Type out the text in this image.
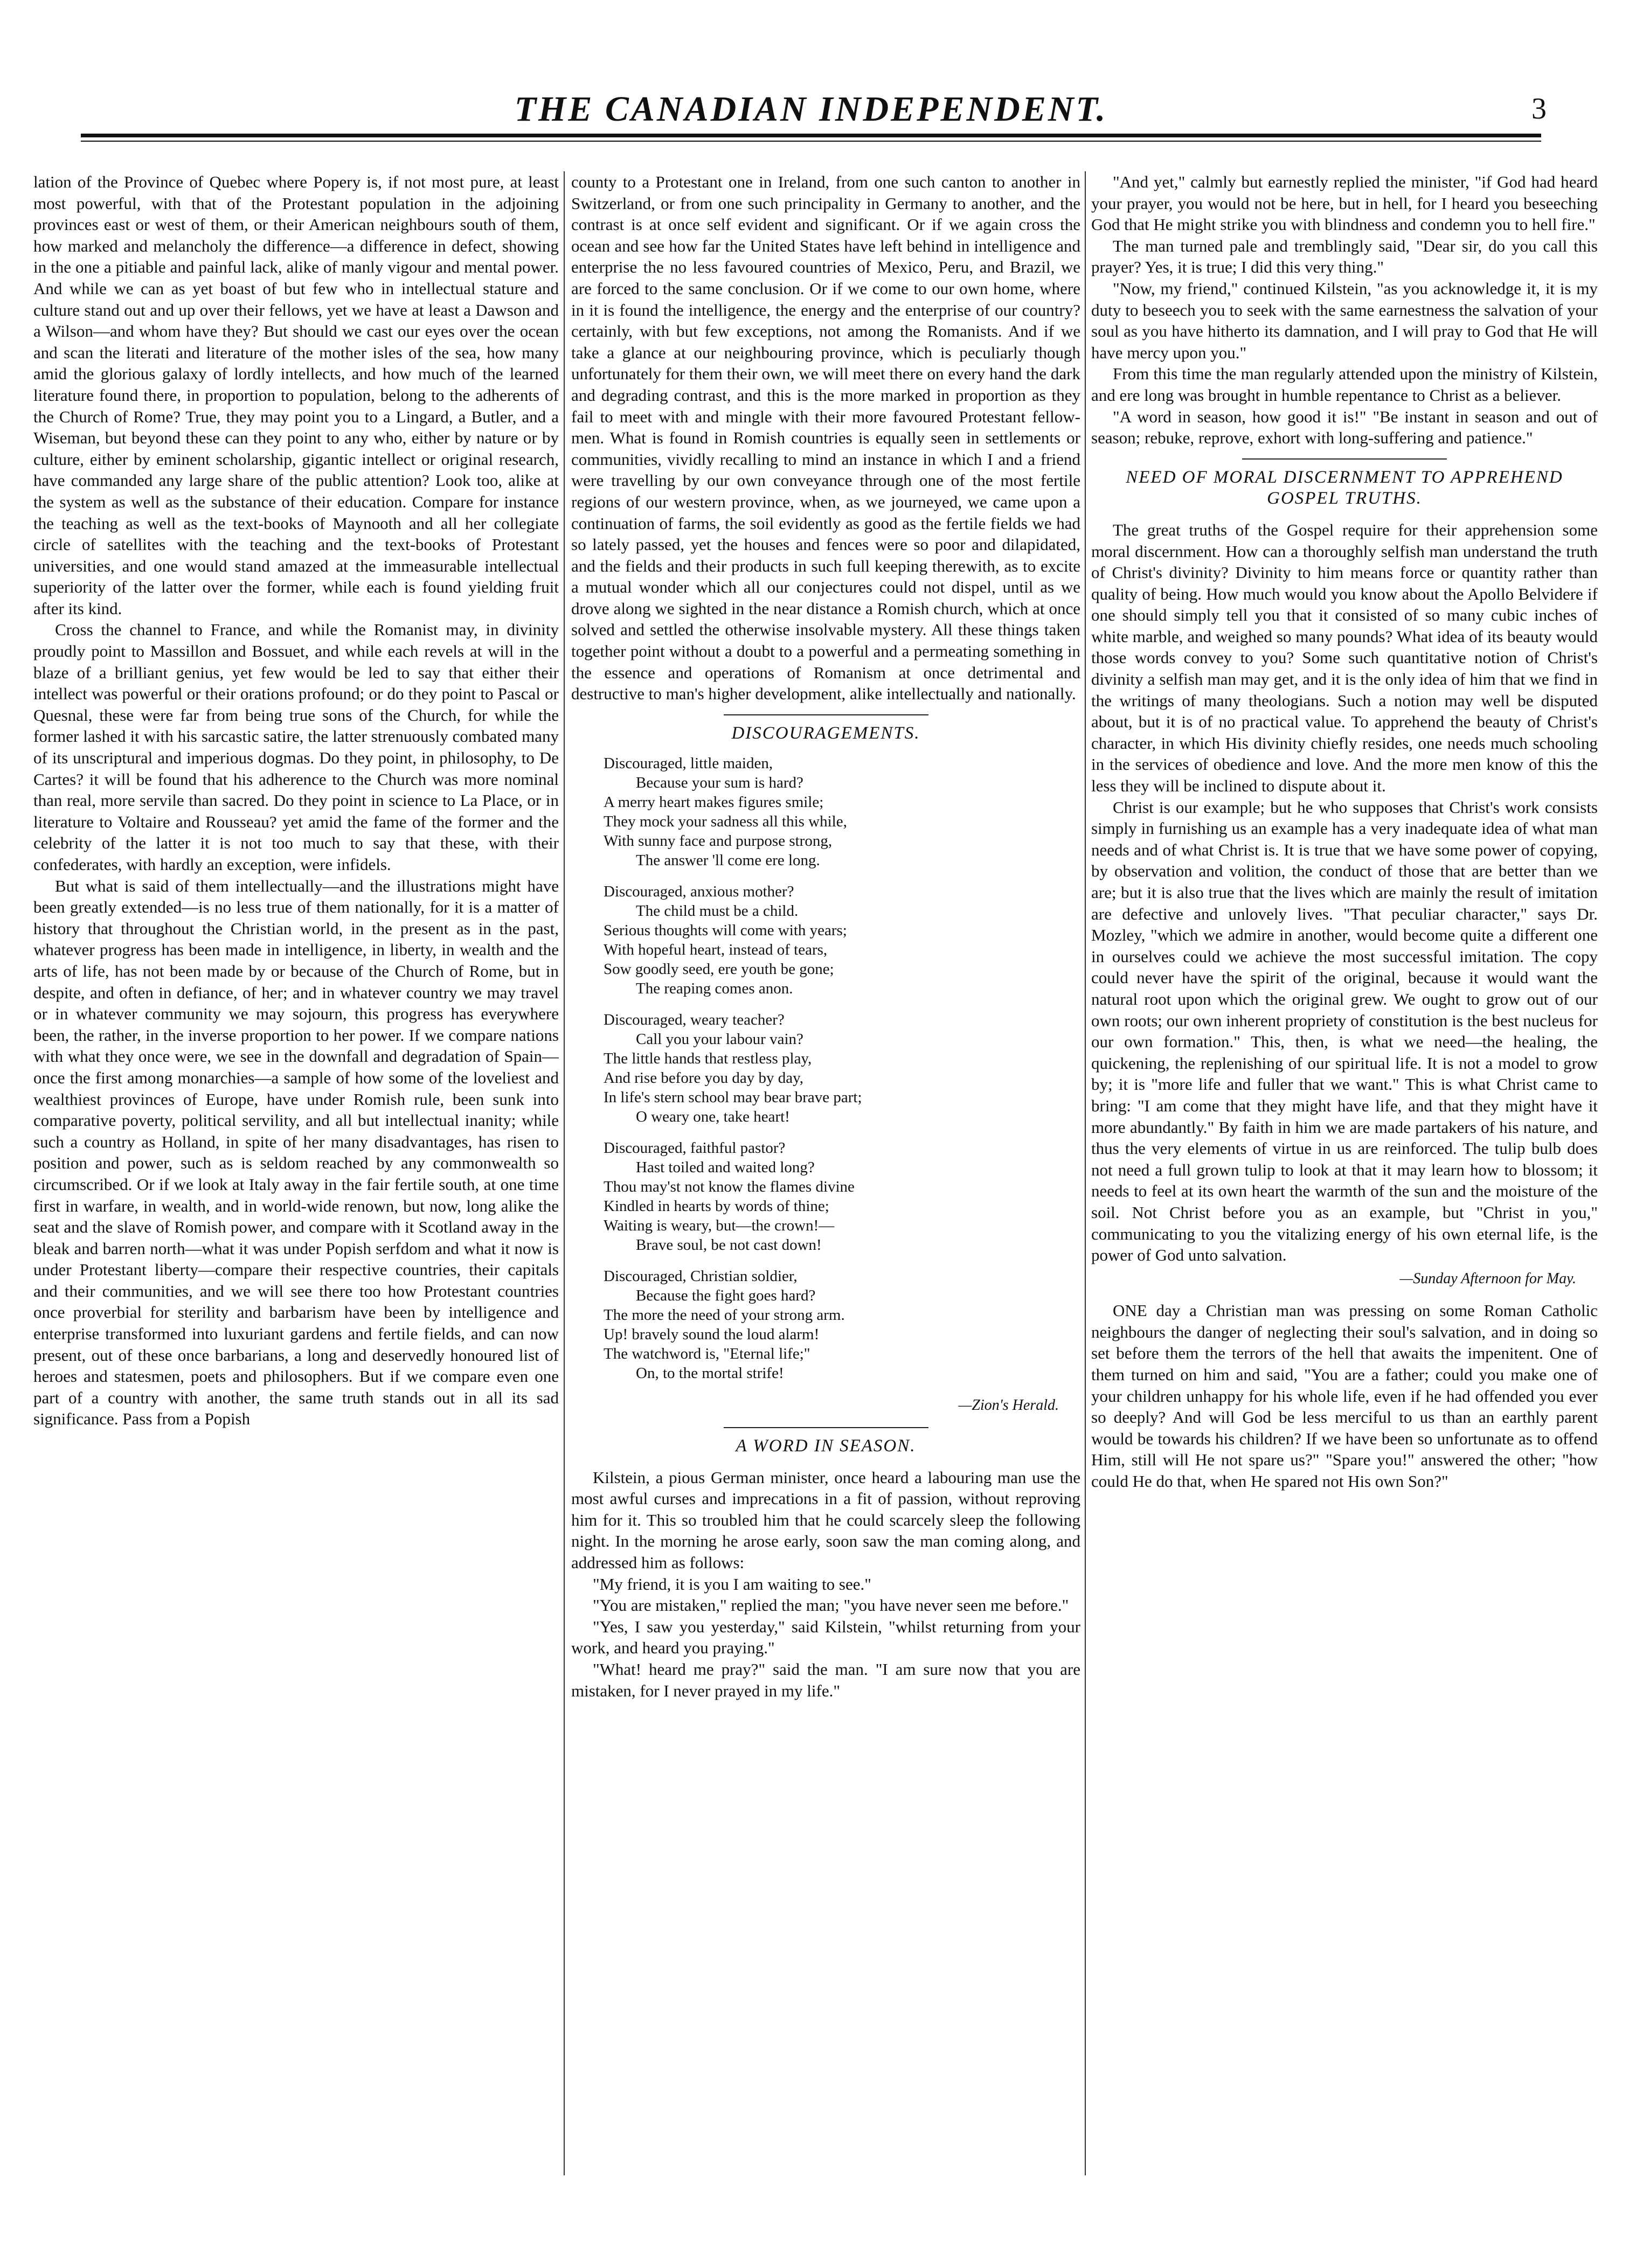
THE CANADIAN INDEPENDENT.	3

lation of the Province of Quebec where Popery is, if not most pure, at least most powerful, with that of the Protestant population in the adjoining provinces east or west of them, or their American neighbours south of them, how marked and melancholy the difference—a difference in defect, showing in the one a pitiable and painful lack, alike of manly vigour and mental power. And while we can as yet boast of but few who in intellectual stature and culture stand out and up over their fellows, yet we have at least a Dawson and a Wilson—and whom have they? But should we cast our eyes over the ocean and scan the literati and literature of the mother isles of the sea, how many amid the glorious galaxy of lordly intellects, and how much of the learned literature found there, in proportion to population, belong to the adherents of the Church of Rome? True, they may point you to a Lingard, a Butler, and a Wiseman, but beyond these can they point to any who, either by nature or by culture, either by eminent scholarship, gigantic intellect or original research, have commanded any large share of the public attention? Look too, alike at the system as well as the substance of their education. Compare for instance the teaching as well as the text-books of Maynooth and all her collegiate circle of satellites with the teaching and the text-books of Protestant universities, and one would stand amazed at the immeasurable intellectual superiority of the latter over the former, while each is found yielding fruit after its kind.

Cross the channel to France, and while the Romanist may, in divinity proudly point to Massillon and Bossuet, and while each revels at will in the blaze of a brilliant genius, yet few would be led to say that either their intellect was powerful or their orations profound; or do they point to Pascal or Quesnal, these were far from being true sons of the Church, for while the former lashed it with his sarcastic satire, the latter strenuously combated many of its unscriptural and imperious dogmas. Do they point, in philosophy, to De Cartes? it will be found that his adherence to the Church was more nominal than real, more servile than sacred. Do they point in science to La Place, or in literature to Voltaire and Rousseau? yet amid the fame of the former and the celebrity of the latter it is not too much to say that these, with their confederates, with hardly an exception, were infidels.

But what is said of them intellectually—and the illustrations might have been greatly extended—is no less true of them nationally, for it is a matter of history that throughout the Christian world, in the present as in the past, whatever progress has been made in intelligence, in liberty, in wealth and the arts of life, has not been made by or because of the Church of Rome, but in despite, and often in defiance, of her; and in whatever country we may travel or in whatever community we may sojourn, this progress has everywhere been, the rather, in the inverse proportion to her power. If we compare nations with what they once were, we see in the downfall and degradation of Spain—once the first among monarchies—a sample of how some of the loveliest and wealthiest provinces of Europe, have under Romish rule, been sunk into comparative poverty, political servility, and all but intellectual inanity; while such a country as Holland, in spite of her many disadvantages, has risen to position and power, such as is seldom reached by any commonwealth so circumscribed. Or if we look at Italy away in the fair fertile south, at one time first in warfare, in wealth, and in world-wide renown, but now, long alike the seat and the slave of Romish power, and compare with it Scotland away in the bleak and barren north—what it was under Popish serfdom and what it now is under Protestant liberty—compare their respective countries, their capitals and their communities, and we will see there too how Protestant countries once proverbial for sterility and barbarism have been by intelligence and enterprise transformed into luxuriant gardens and fertile fields, and can now present, out of these once barbarians, a long and deservedly honoured list of heroes and statesmen, poets and philosophers. But if we compare even one part of a country with another, the same truth stands out in all its sad significance. Pass from a Popish

county to a Protestant one in Ireland, from one such canton to another in Switzerland, or from one such principality in Germany to another, and the contrast is at once self evident and significant. Or if we again cross the ocean and see how far the United States have left behind in intelligence and enterprise the no less favoured countries of Mexico, Peru, and Brazil, we are forced to the same conclusion. Or if we come to our own home, where in it is found the intelligence, the energy and the enterprise of our country? certainly, with but few exceptions, not among the Romanists. And if we take a glance at our neighbouring province, which is peculiarly though unfortunately for them their own, we will meet there on every hand the dark and degrading contrast, and this is the more marked in proportion as they fail to meet with and mingle with their more favoured Protestant fellow-men. What is found in Romish countries is equally seen in settlements or communities, vividly recalling to mind an instance in which I and a friend were travelling by our own conveyance through one of the most fertile regions of our western province, when, as we journeyed, we came upon a continuation of farms, the soil evidently as good as the fertile fields we had so lately passed, yet the houses and fences were so poor and dilapidated, and the fields and their products in such full keeping therewith, as to excite a mutual wonder which all our conjectures could not dispel, until as we drove along we sighted in the near distance a Romish church, which at once solved and settled the otherwise insolvable mystery. All these things taken together point without a doubt to a powerful and a permeating something in the essence and operations of Romanism at once detrimental and destructive to man's higher development, alike intellectually and nationally.

DISCOURAGEMENTS.
Discouraged, little maiden,
Because your sum is hard?
A merry heart makes figures smile;
They mock your sadness all this while,
With sunny face and purpose strong,
The answer 'll come ere long.
Discouraged, anxious mother?
The child must be a child.
Serious thoughts will come with years;
With hopeful heart, instead of tears,
Sow goodly seed, ere youth be gone;
The reaping comes anon.
Discouraged, weary teacher?
Call you your labour vain?
The little hands that restless play,
And rise before you day by day,
In life's stern school may bear brave part;
O weary one, take heart!
Discouraged, faithful pastor?
Hast toiled and waited long?
Thou may'st not know the flames divine
Kindled in hearts by words of thine;
Waiting is weary, but—the crown!—
Brave soul, be not cast down!
Discouraged, Christian soldier,
Because the fight goes hard?
The more the need of your strong arm.
Up! bravely sound the loud alarm!
The watchword is, "Eternal life;"
On, to the mortal strife!
—Zion's Herald.
A WORD IN SEASON.

Kilstein, a pious German minister, once heard a labouring man use the most awful curses and imprecations in a fit of passion, without reproving him for it. This so troubled him that he could scarcely sleep the following night. In the morning he arose early, soon saw the man coming along, and addressed him as follows:

"My friend, it is you I am waiting to see."

"You are mistaken," replied the man; "you have never seen me before."

"Yes, I saw you yesterday," said Kilstein, "whilst returning from your work, and heard you praying."

"What! heard me pray?" said the man. "I am sure now that you are mistaken, for I never prayed in my life."

"And yet," calmly but earnestly replied the minister, "if God had heard your prayer, you would not be here, but in hell, for I heard you beseeching God that He might strike you with blindness and condemn you to hell fire."

The man turned pale and tremblingly said, "Dear sir, do you call this prayer? Yes, it is true; I did this very thing."

"Now, my friend," continued Kilstein, "as you acknowledge it, it is my duty to beseech you to seek with the same earnestness the salvation of your soul as you have hitherto its damnation, and I will pray to God that He will have mercy upon you."

From this time the man regularly attended upon the ministry of Kilstein, and ere long was brought in humble repentance to Christ as a believer.

"A word in season, how good it is!" "Be instant in season and out of season; rebuke, reprove, exhort with long-suffering and patience."

NEED OF MORAL DISCERNMENT TO APPREHEND GOSPEL TRUTHS.

The great truths of the Gospel require for their apprehension some moral discernment. How can a thoroughly selfish man understand the truth of Christ's divinity? Divinity to him means force or quantity rather than quality of being. How much would you know about the Apollo Belvidere if one should simply tell you that it consisted of so many cubic inches of white marble, and weighed so many pounds? What idea of its beauty would those words convey to you? Some such quantitative notion of Christ's divinity a selfish man may get, and it is the only idea of him that we find in the writings of many theologians. Such a notion may well be disputed about, but it is of no practical value. To apprehend the beauty of Christ's character, in which His divinity chiefly resides, one needs much schooling in the services of obedience and love. And the more men know of this the less they will be inclined to dispute about it.

Christ is our example; but he who supposes that Christ's work consists simply in furnishing us an example has a very inadequate idea of what man needs and of what Christ is. It is true that we have some power of copying, by observation and volition, the conduct of those that are better than we are; but it is also true that the lives which are mainly the result of imitation are defective and unlovely lives. "That peculiar character," says Dr. Mozley, "which we admire in another, would become quite a different one in ourselves could we achieve the most successful imitation. The copy could never have the spirit of the original, because it would want the natural root upon which the original grew. We ought to grow out of our own roots; our own inherent propriety of constitution is the best nucleus for our own formation." This, then, is what we need—the healing, the quickening, the replenishing of our spiritual life. It is not a model to grow by; it is "more life and fuller that we want." This is what Christ came to bring: "I am come that they might have life, and that they might have it more abundantly." By faith in him we are made partakers of his nature, and thus the very elements of virtue in us are reinforced. The tulip bulb does not need a full grown tulip to look at that it may learn how to blossom; it needs to feel at its own heart the warmth of the sun and the moisture of the soil. Not Christ before you as an example, but "Christ in you," communicating to you the vitalizing energy of his own eternal life, is the power of God unto salvation.

—Sunday Afternoon for May.

ONE day a Christian man was pressing on some Roman Catholic neighbours the danger of neglecting their soul's salvation, and in doing so set before them the terrors of the hell that awaits the impenitent. One of them turned on him and said, "You are a father; could you make one of your children unhappy for his whole life, even if he had offended you ever so deeply? And will God be less merciful to us than an earthly parent would be towards his children? If we have been so unfortunate as to offend Him, still will He not spare us?" "Spare you!" answered the other; "how could He do that, when He spared not His own Son?"
